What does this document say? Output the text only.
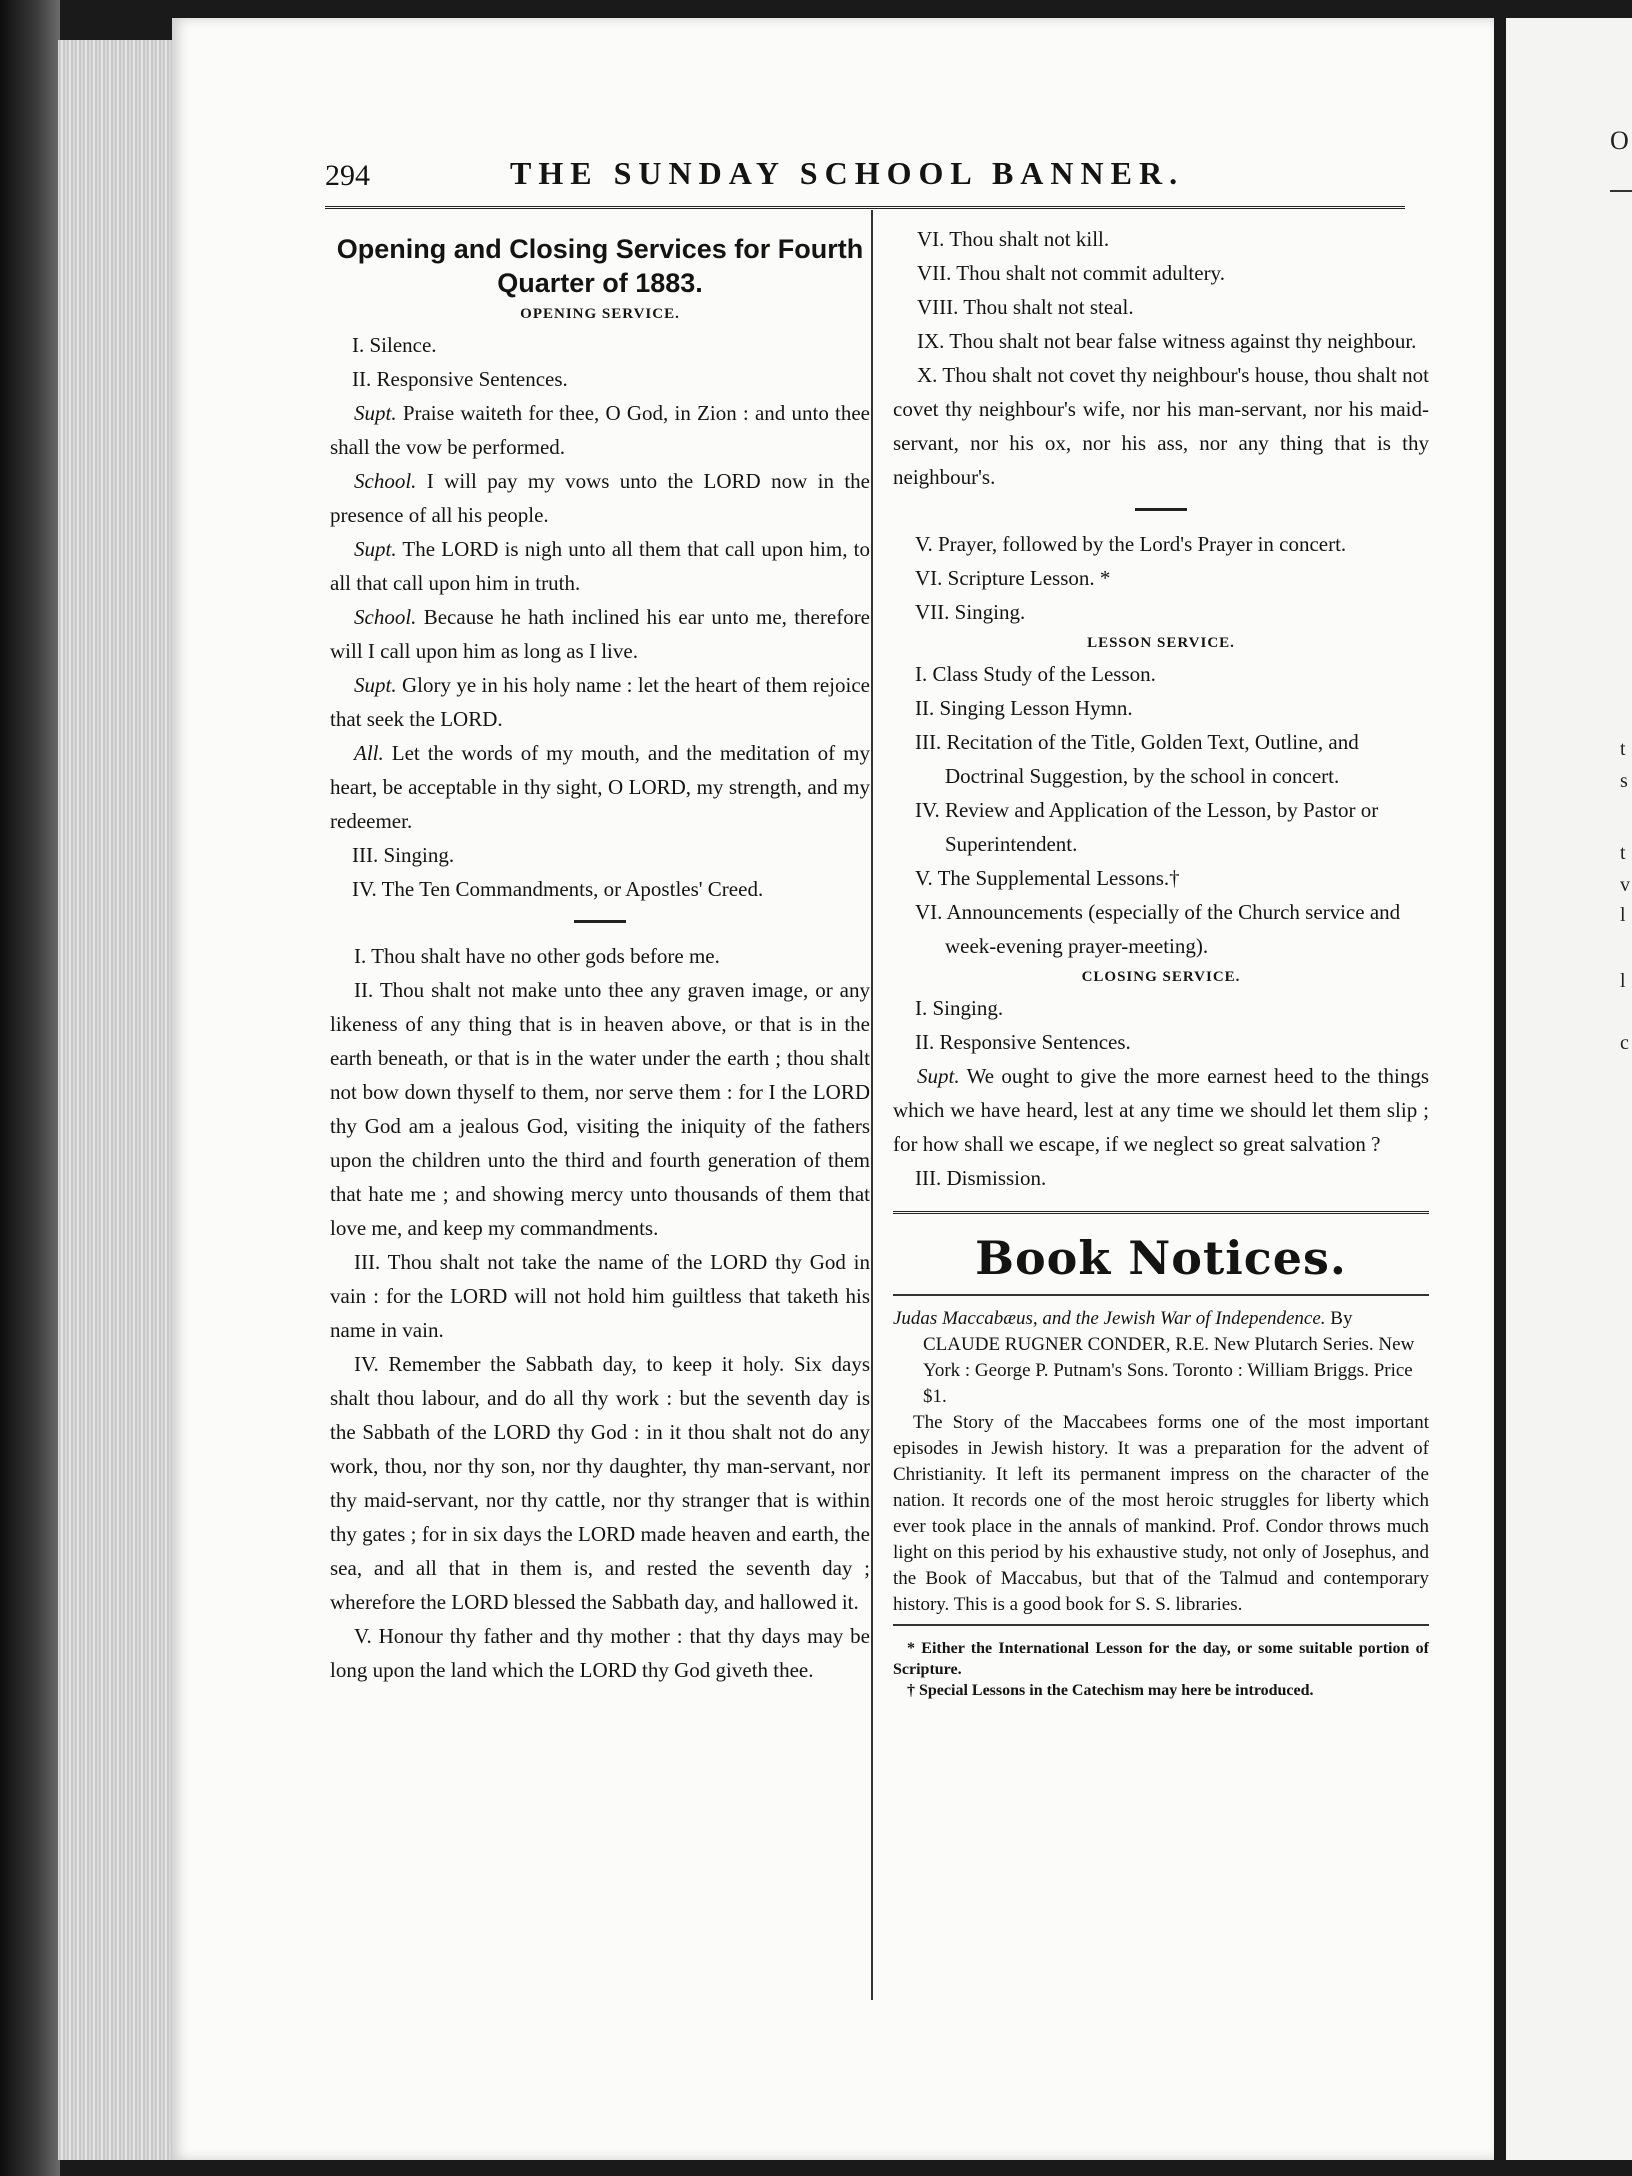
O
t
s
t
v
l
l
c
294	THE SUNDAY SCHOOL BANNER.

Opening and Closing Services for Fourth Quarter of 1883.

OPENING SERVICE.

I. Silence.

II. Responsive Sentences.

Supt. Praise waiteth for thee, O God, in Zion : and unto thee shall the vow be performed.

School. I will pay my vows unto the LORD now in the presence of all his people.

Supt. The LORD is nigh unto all them that call upon him, to all that call upon him in truth.

School. Because he hath inclined his ear unto me, therefore will I call upon him as long as I live.

Supt. Glory ye in his holy name : let the heart of them rejoice that seek the LORD.

All. Let the words of my mouth, and the meditation of my heart, be acceptable in thy sight, O LORD, my strength, and my redeemer.

III. Singing.

IV. The Ten Commandments, or Apostles' Creed.

I. Thou shalt have no other gods before me.

II. Thou shalt not make unto thee any graven image, or any likeness of any thing that is in heaven above, or that is in the earth beneath, or that is in the water under the earth ; thou shalt not bow down thyself to them, nor serve them : for I the LORD thy God am a jealous God, visiting the iniquity of the fathers upon the children unto the third and fourth generation of them that hate me ; and showing mercy unto thousands of them that love me, and keep my commandments.

III. Thou shalt not take the name of the LORD thy God in vain : for the LORD will not hold him guiltless that taketh his name in vain.

IV. Remember the Sabbath day, to keep it holy. Six days shalt thou labour, and do all thy work : but the seventh day is the Sabbath of the LORD thy God : in it thou shalt not do any work, thou, nor thy son, nor thy daughter, thy man-servant, nor thy maid-servant, nor thy cattle, nor thy stranger that is within thy gates ; for in six days the LORD made heaven and earth, the sea, and all that in them is, and rested the seventh day ; wherefore the LORD blessed the Sabbath day, and hallowed it.

V. Honour thy father and thy mother : that thy days may be long upon the land which the LORD thy God giveth thee.

VI. Thou shalt not kill.

VII. Thou shalt not commit adultery.

VIII. Thou shalt not steal.

IX. Thou shalt not bear false witness against thy neighbour.

X. Thou shalt not covet thy neighbour's house, thou shalt not covet thy neighbour's wife, nor his man-servant, nor his maid-servant, nor his ox, nor his ass, nor any thing that is thy neighbour's.

V. Prayer, followed by the Lord's Prayer in concert.

VI. Scripture Lesson. *

VII. Singing.

LESSON SERVICE.

I. Class Study of the Lesson.

II. Singing Lesson Hymn.

III. Recitation of the Title, Golden Text, Outline, and Doctrinal Suggestion, by the school in concert.

IV. Review and Application of the Lesson, by Pastor or Superintendent.

V. The Supplemental Lessons.†

VI. Announcements (especially of the Church service and week-evening prayer-meeting).

CLOSING SERVICE.

I. Singing.

II. Responsive Sentences.

Supt. We ought to give the more earnest heed to the things which we have heard, lest at any time we should let them slip ; for how shall we escape, if we neglect so great salvation ?

III. Dismission.

Book Notices.

Judas Maccabæus, and the Jewish War of Independence. By CLAUDE RUGNER CONDER, R.E. New Plutarch Series. New York : George P. Putnam's Sons. Toronto : William Briggs. Price $1.

The Story of the Maccabees forms one of the most important episodes in Jewish history. It was a preparation for the advent of Christianity. It left its permanent impress on the character of the nation. It records one of the most heroic struggles for liberty which ever took place in the annals of mankind. Prof. Condor throws much light on this period by his exhaustive study, not only of Josephus, and the Book of Maccabus, but that of the Talmud and contemporary history. This is a good book for S. S. libraries.

* Either the International Lesson for the day, or some suitable portion of Scripture.

† Special Lessons in the Catechism may here be introduced.
